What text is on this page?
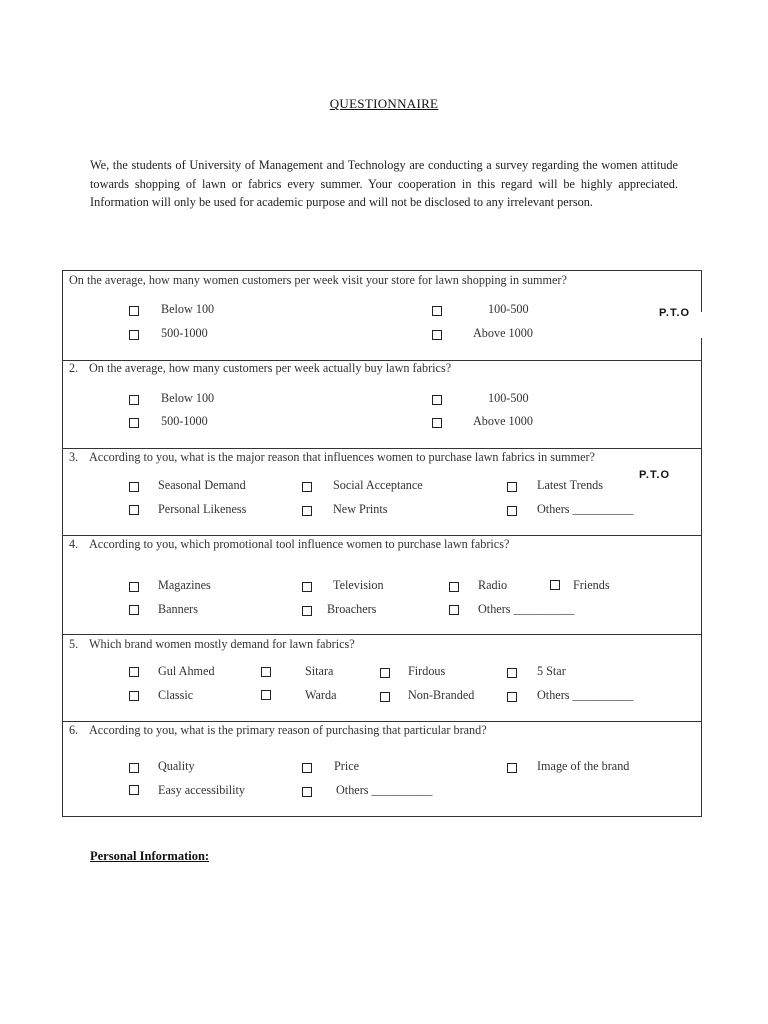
QUESTIONNAIRE
We, the students of University of Management and Technology are conducting a survey regarding the women attitude towards shopping of lawn or fabrics every summer. Your cooperation in this regard will be highly appreciated. Information will only be used for academic purpose and will not be disclosed to any irrelevant person.
On the average, how many women customers per week visit your store for lawn shopping in summer?
Below 100	100-500
500-1000	Above 1000
2. On the average, how many customers per week actually buy lawn fabrics?
Below 100	100-500
500-1000	Above 1000
3. According to you, what is the major reason that influences women to purchase lawn fabrics in summer?
Seasonal Demand	Social Acceptance	Latest Trends
Personal Likeness	New Prints	Others __________
4. According to you, which promotional tool influence women to purchase lawn fabrics?
Magazines	Television	Radio	Friends
Banners	Broachers	Others __________
5. Which brand women mostly demand for lawn fabrics?
Gul Ahmed	Sitara	Firdous	5 Star
Classic	Warda	Non-Branded	Others __________
6. According to you, what is the primary reason of purchasing that particular brand?
Quality	Price	Image of the brand
Easy accessibility	Others __________
P.T.O
P.T.O
Personal Information:
